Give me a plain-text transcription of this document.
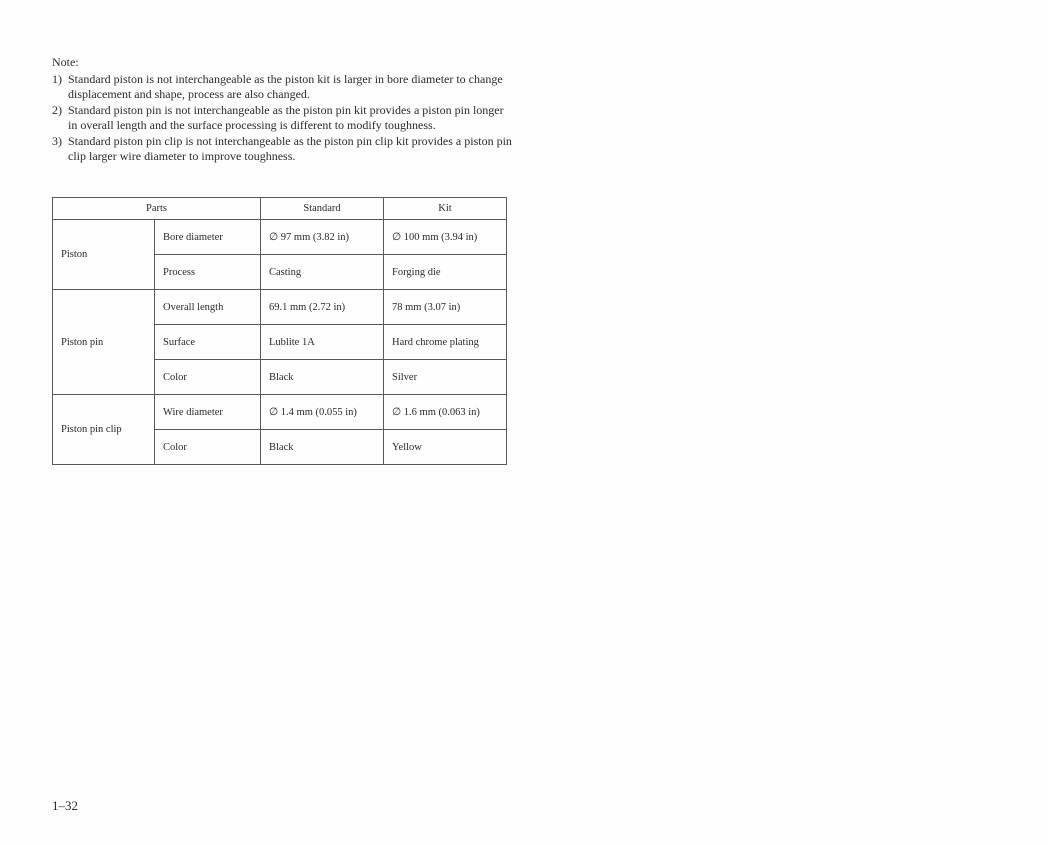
Note:
1) Standard piston is not interchangeable as the piston kit is larger in bore diameter to change displacement and shape, process are also changed.
2) Standard piston pin is not interchangeable as the piston pin kit provides a piston pin longer in overall length and the surface processing is different to modify toughness.
3) Standard piston pin clip is not interchangeable as the piston pin clip kit provides a piston pin clip larger wire diameter to improve toughness.
Parts		Standard	Kit
Piston	Bore diameter	∅ 97 mm (3.82 in)	∅ 100 mm (3.94 in)
	Process	Casting	Forging die
Piston pin	Overall length	69.1 mm (2.72 in)	78 mm (3.07 in)
	Surface	Lublite 1A	Hard chrome plating
	Color	Black	Silver
Piston pin clip	Wire diameter	∅ 1.4 mm (0.055 in)	∅ 1.6 mm (0.063 in)
	Color	Black	Yellow
1–32
